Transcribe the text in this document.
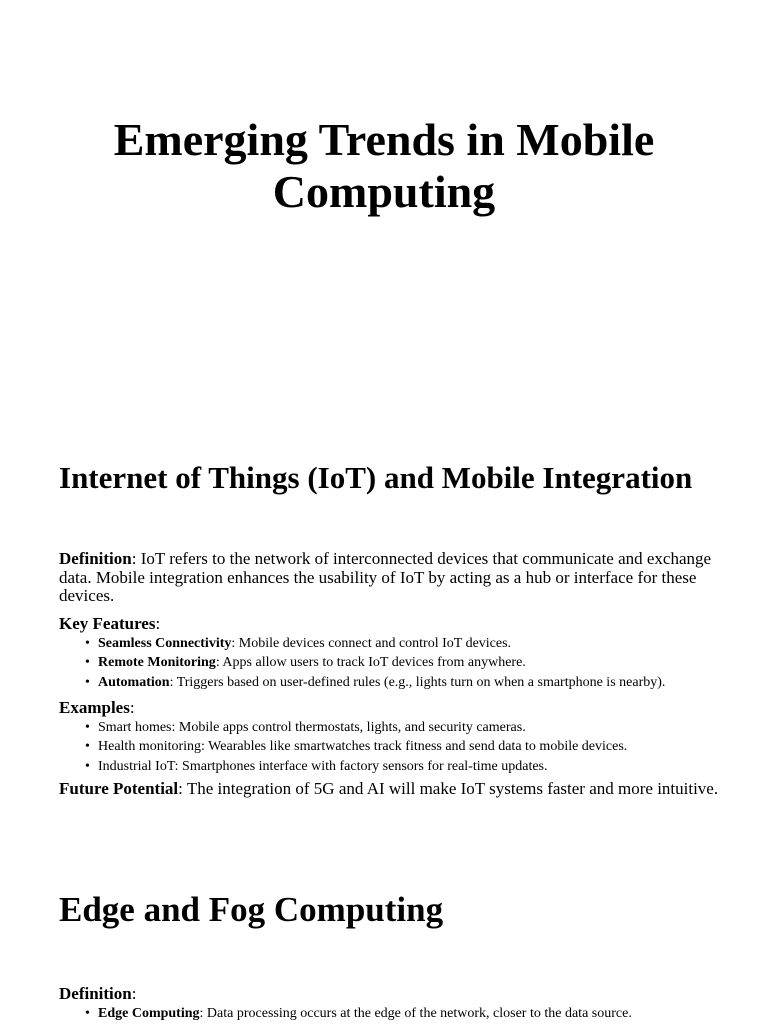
Emerging Trends in Mobile Computing
Internet of Things (IoT) and Mobile Integration

Definition: IoT refers to the network of interconnected devices that communicate and exchange data. Mobile integration enhances the usability of IoT by acting as a hub or interface for these devices.

Key Features:

• Seamless Connectivity: Mobile devices connect and control IoT devices.
• Remote Monitoring: Apps allow users to track IoT devices from anywhere.
• Automation: Triggers based on user-defined rules (e.g., lights turn on when a smartphone is nearby).

Examples:

• Smart homes: Mobile apps control thermostats, lights, and security cameras.
• Health monitoring: Wearables like smartwatches track fitness and send data to mobile devices.
• Industrial IoT: Smartphones interface with factory sensors for real-time updates.

Future Potential: The integration of 5G and AI will make IoT systems faster and more intuitive.

Edge and Fog Computing

Definition:

• Edge Computing: Data processing occurs at the edge of the network, closer to the data source.
